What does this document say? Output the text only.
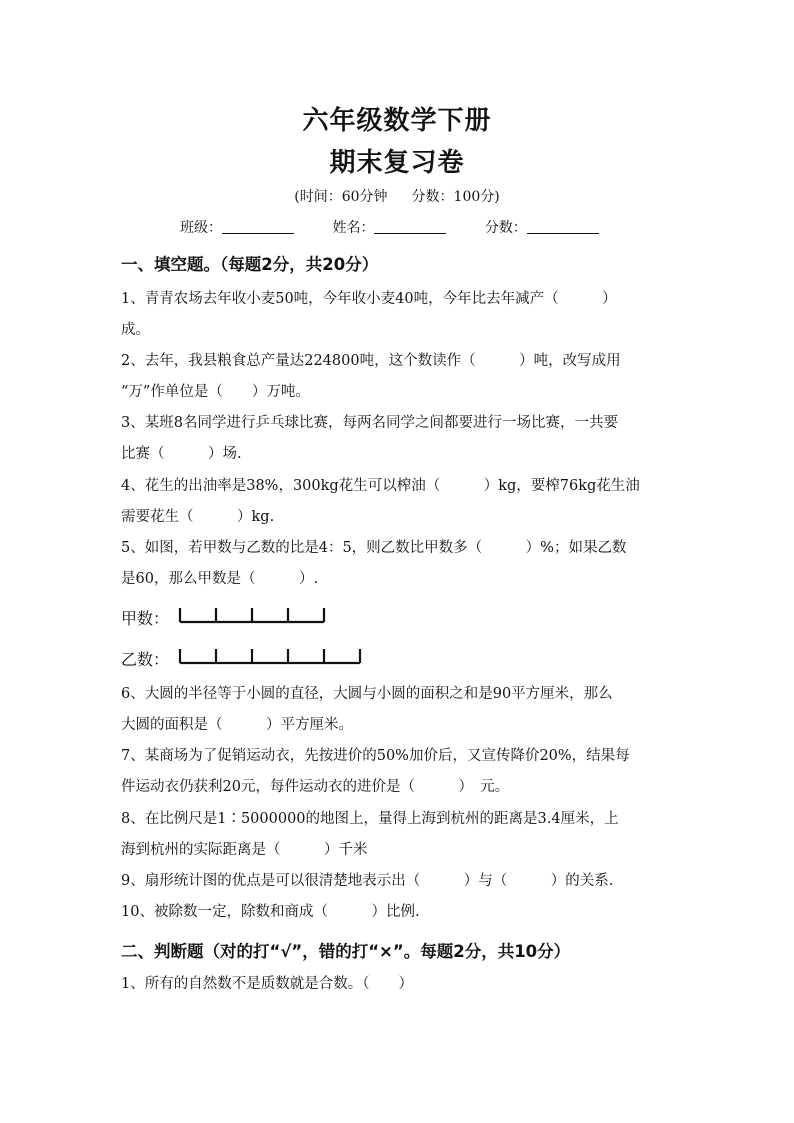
六年级数学下册
期末复习卷
(时间：60分钟 分数：100分)
班级：	姓名：	分数：
一、填空题。（每题2分，共20分）
1、青青农场去年收小麦50吨，今年收小麦40吨，今年比去年减产（　　　）
成。
2、去年，我县粮食总产量达224800吨，这个数读作（　　　）吨，改写成用
“万”作单位是（　　）万吨。
3、某班8名同学进行乒乓球比赛，每两名同学之间都要进行一场比赛，一共要
比赛（　　　）场.
4、花生的出油率是38%，300kg花生可以榨油（　　　）kg，要榨76kg花生油
需要花生（　　　）kg.
5、如图，若甲数与乙数的比是4：5，则乙数比甲数多（　　　）%；如果乙数
是60，那么甲数是（　　　）.
甲数：
乙数：
6、大圆的半径等于小圆的直径，大圆与小圆的面积之和是90平方厘米，那么
大圆的面积是（　　　）平方厘米。
7、某商场为了促销运动衣，先按进价的50%加价后，又宣传降价20%，结果每
件运动衣仍获利20元，每件运动衣的进价是（　　　）　元。
8、在比例尺是1∶5000000的地图上，量得上海到杭州的距离是3.4厘米，上
海到杭州的实际距离是（　　　）千米
9、扇形统计图的优点是可以很清楚地表示出（　　　）与（　　　）的关系.
10、被除数一定，除数和商成（　　　）比例.
二、判断题（对的打“√”，错的打“×”。每题2分，共10分）
1、所有的自然数不是质数就是合数。（　　）
